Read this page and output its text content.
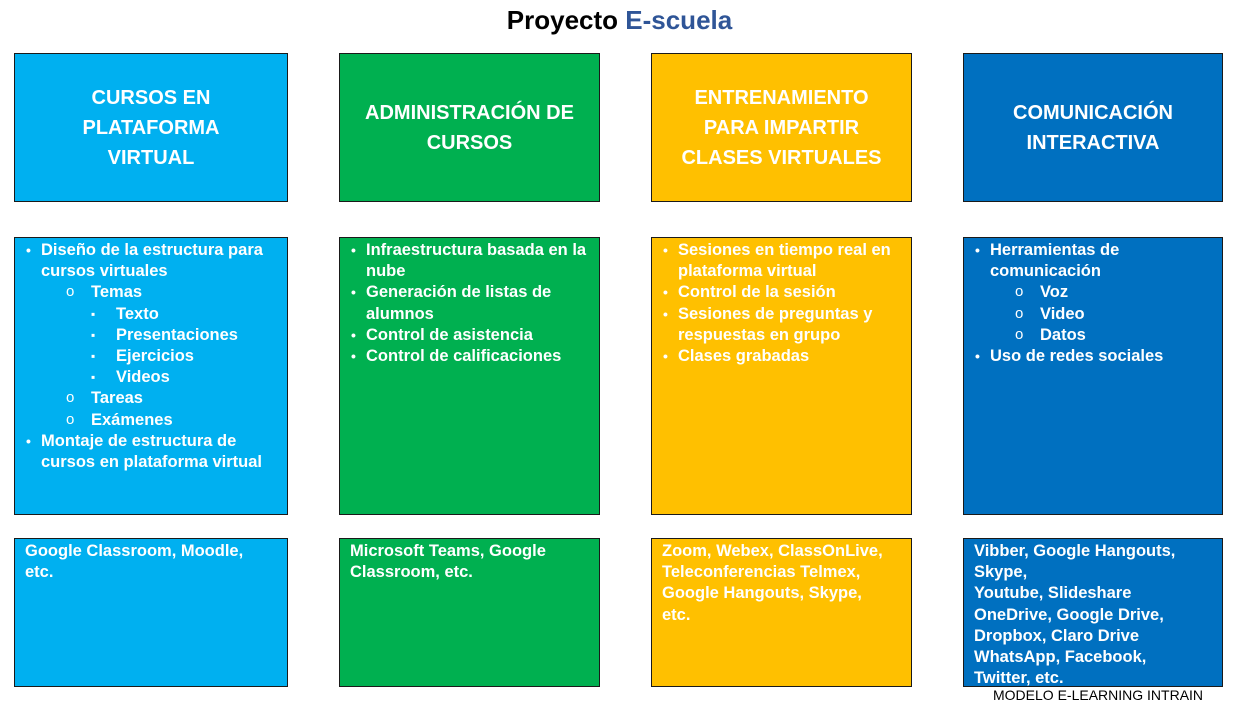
Proyecto E-scuela
CURSOS EN
PLATAFORMA
VIRTUAL
• Diseño de la estructura para cursos virtuales
o Temas
▪ Texto
▪ Presentaciones
▪ Ejercicios
▪ Videos
o Tareas
o Exámenes
• Montaje de estructura de cursos en plataforma virtual
Google Classroom, Moodle,
etc.
ADMINISTRACIÓN DE
CURSOS
• Infraestructura basada en la nube
• Generación de listas de alumnos
• Control de asistencia
• Control de calificaciones
Microsoft Teams, Google
Classroom, etc.
ENTRENAMIENTO
PARA IMPARTIR
CLASES VIRTUALES
• Sesiones en tiempo real en plataforma virtual
• Control de la sesión
• Sesiones de preguntas y respuestas en grupo
• Clases grabadas
Zoom, Webex, ClassOnLive,
Teleconferencias Telmex,
Google Hangouts, Skype,
etc.
COMUNICACIÓN
INTERACTIVA
• Herramientas de comunicación
o Voz
o Video
o Datos
• Uso de redes sociales
Vibber, Google Hangouts,
Skype,
Youtube, Slideshare
OneDrive, Google Drive,
Dropbox, Claro Drive
WhatsApp, Facebook,
Twitter, etc.
MODELO E-LEARNING INTRAIN
